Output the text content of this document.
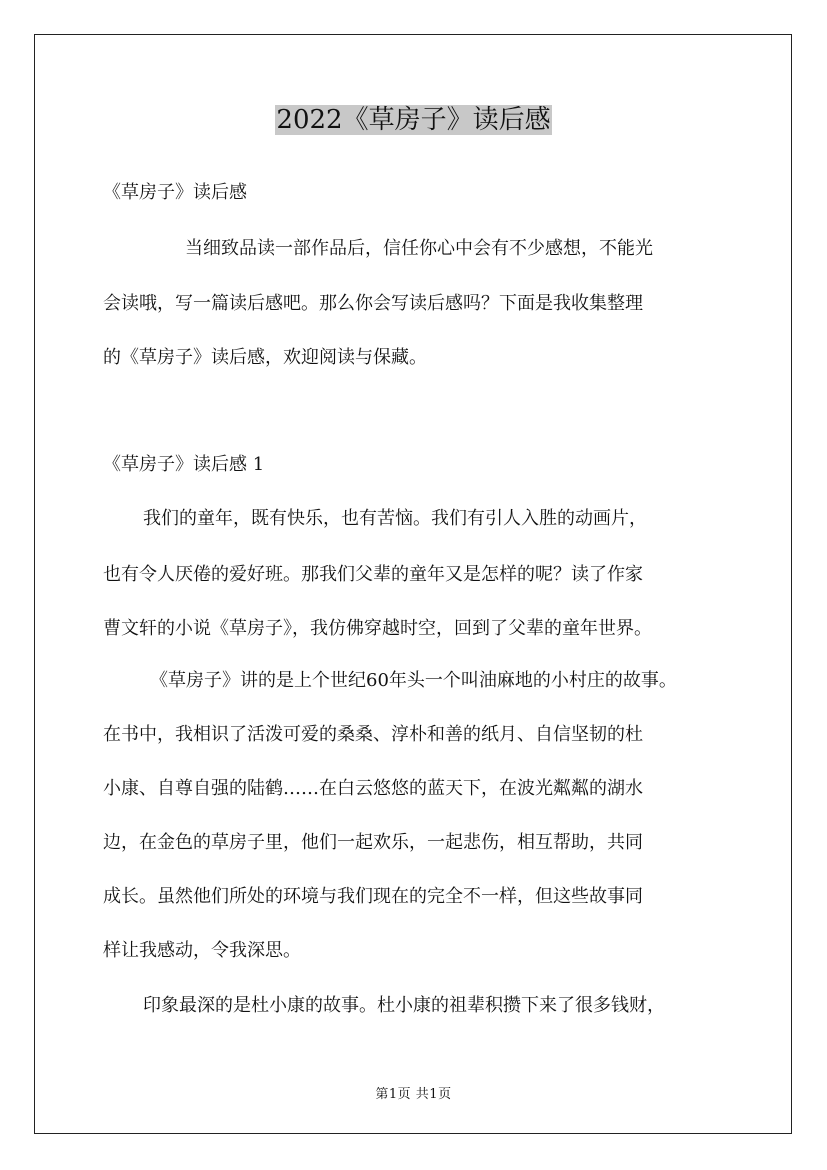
2022《草房子》读后感
《草房子》读后感
当细致品读一部作品后，信任你心中会有不少感想，不能光
会读哦，写一篇读后感吧。那么你会写读后感吗？下面是我收集整理
的《草房子》读后感，欢迎阅读与保藏。
《草房子》读后感 1
我们的童年，既有快乐，也有苦恼。我们有引人入胜的动画片，
也有令人厌倦的爱好班。那我们父辈的童年又是怎样的呢？读了作家
曹文轩的小说《草房子》，我仿佛穿越时空，回到了父辈的童年世界。
《草房子》讲的是上个世纪60年头一个叫油麻地的小村庄的故事。
在书中，我相识了活泼可爱的桑桑、淳朴和善的纸月、自信坚韧的杜
小康、自尊自强的陆鹤……在白云悠悠的蓝天下，在波光粼粼的湖水
边，在金色的草房子里，他们一起欢乐，一起悲伤，相互帮助，共同
成长。虽然他们所处的环境与我们现在的完全不一样，但这些故事同
样让我感动，令我深思。
印象最深的是杜小康的故事。杜小康的祖辈积攒下来了很多钱财，
第1页 共1页
